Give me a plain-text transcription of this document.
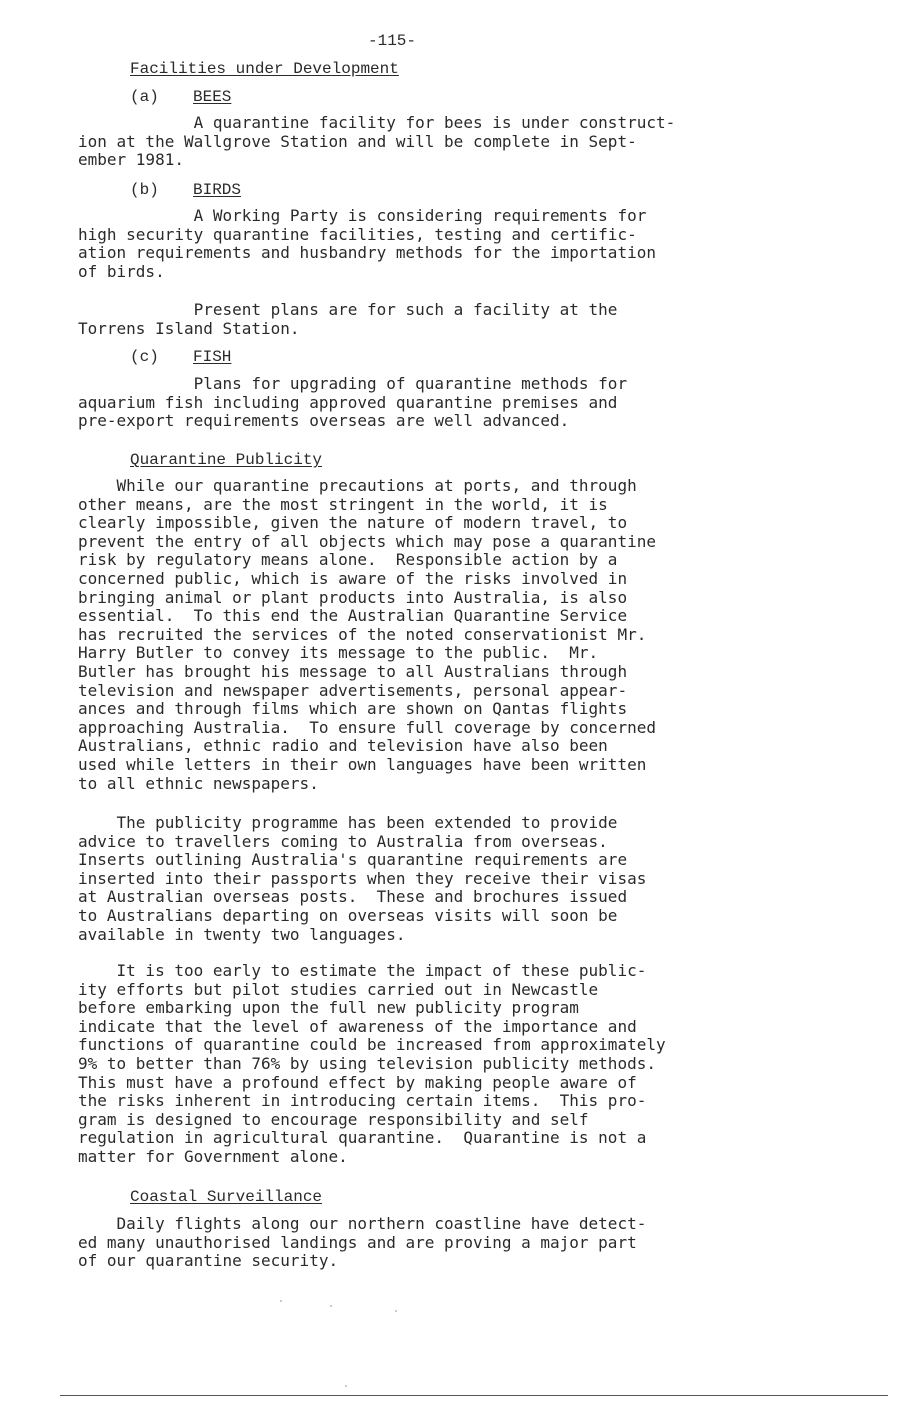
-115-
Facilities under Development
(a) BEES
A quarantine facility for bees is under construct-
ion at the Wallgrove Station and will be complete in Sept-
ember 1981.
(b) BIRDS
A Working Party is considering requirements for
high security quarantine facilities, testing and certific-
ation requirements and husbandry methods for the importation
of birds.
Present plans are for such a facility at the
Torrens Island Station.
(c) FISH
Plans for upgrading of quarantine methods for
aquarium fish including approved quarantine premises and
pre-export requirements overseas are well advanced.
Quarantine Publicity
While our quarantine precautions at ports, and through
other means, are the most stringent in the world, it is
clearly impossible, given the nature of modern travel, to
prevent the entry of all objects which may pose a quarantine
risk by regulatory means alone.  Responsible action by a
concerned public, which is aware of the risks involved in
bringing animal or plant products into Australia, is also
essential.  To this end the Australian Quarantine Service
has recruited the services of the noted conservationist Mr.
Harry Butler to convey its message to the public.  Mr.
Butler has brought his message to all Australians through
television and newspaper advertisements, personal appear-
ances and through films which are shown on Qantas flights
approaching Australia.  To ensure full coverage by concerned
Australians, ethnic radio and television have also been
used while letters in their own languages have been written
to all ethnic newspapers.
The publicity programme has been extended to provide
advice to travellers coming to Australia from overseas.
Inserts outlining Australia's quarantine requirements are
inserted into their passports when they receive their visas
at Australian overseas posts.  These and brochures issued
to Australians departing on overseas visits will soon be
available in twenty two languages.
It is too early to estimate the impact of these public-
ity efforts but pilot studies carried out in Newcastle
before embarking upon the full new publicity program
indicate that the level of awareness of the importance and
functions of quarantine could be increased from approximately
9% to better than 76% by using television publicity methods.
This must have a profound effect by making people aware of
the risks inherent in introducing certain items.  This pro-
gram is designed to encourage responsibility and self
regulation in agricultural quarantine.  Quarantine is not a
matter for Government alone.
Coastal Surveillance
Daily flights along our northern coastline have detect-
ed many unauthorised landings and are proving a major part
of our quarantine security.
